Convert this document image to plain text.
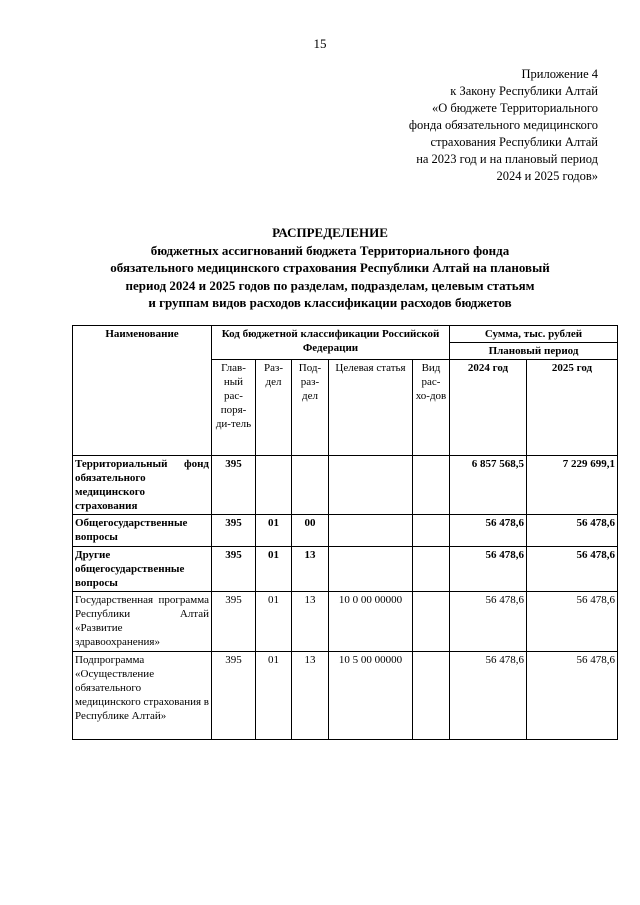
15
Приложение 4
к Закону Республики Алтай
«О бюджете Территориального
фонда обязательного медицинского
страхования Республики Алтай
на 2023 год и на плановый период
2024 и 2025 годов»
РАСПРЕДЕЛЕНИЕ
бюджетных ассигнований бюджета Территориального фонда
обязательного медицинского страхования Республики Алтай на плановый
период 2024 и 2025 годов по разделам, подразделам, целевым статьям
и группам видов расходов классификации расходов бюджетов
Наименование	Код бюджетной классификации Российской Федерации					Сумма, тыс. рублей	
						Плановый период	
	Глав-ный рас-поря-ди-тель	Раз-дел	Под-раз-дел	Целевая статья	Вид рас-хо-дов	2024 год	2025 год
Территориальный фонд обязательного медицинского страхования	395					6 857 568,5	7 229 699,1
Общегосударственные вопросы	395	01	00			56 478,6	56 478,6
Другие общегосударственные вопросы	395	01	13			56 478,6	56 478,6
Государственная программа Республики Алтай «Развитие здравоохранения»	395	01	13	10 0 00 00000		56 478,6	56 478,6
Подпрограмма «Осуществление обязательного медицинского страхования в Республике Алтай»	395	01	13	10 5 00 00000		56 478,6	56 478,6
